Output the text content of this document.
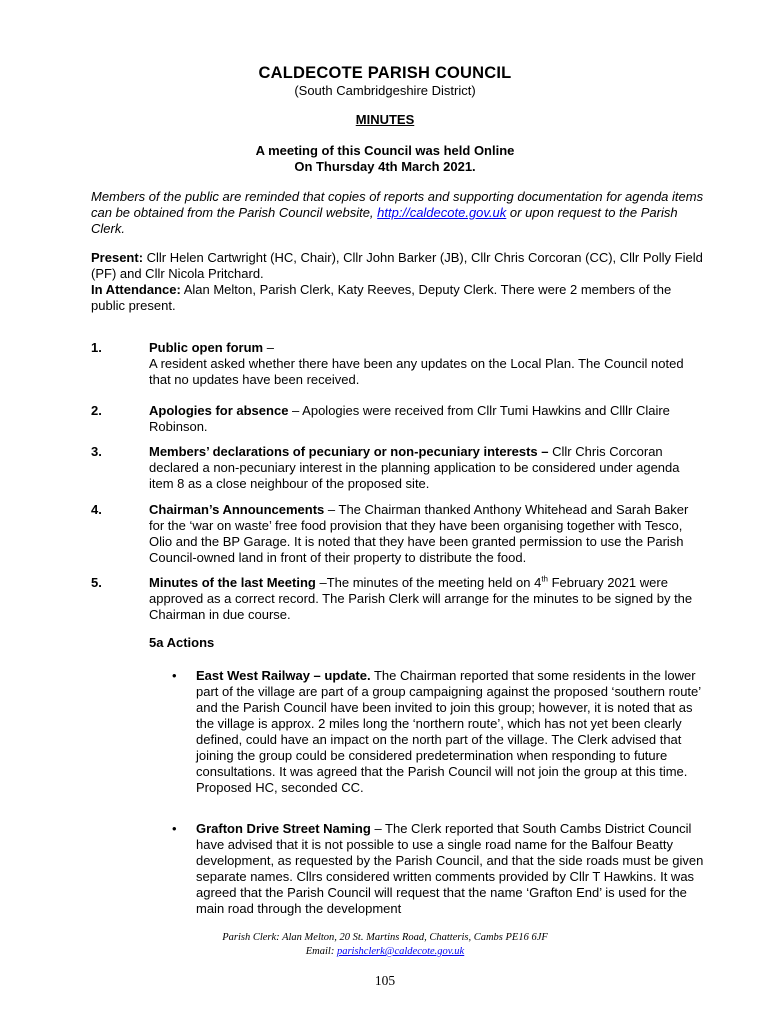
CALDECOTE PARISH COUNCIL
(South Cambridgeshire District)
MINUTES
A meeting of this Council was held Online
On Thursday 4th March 2021.
Members of the public are reminded that copies of reports and supporting documentation for agenda items can be obtained from the Parish Council website, http://caldecote.gov.uk or upon request to the Parish Clerk.
Present: Cllr Helen Cartwright (HC, Chair), Cllr John Barker (JB), Cllr Chris Corcoran (CC), Cllr Polly Field (PF) and Cllr Nicola Pritchard.
In Attendance: Alan Melton, Parish Clerk, Katy Reeves, Deputy Clerk. There were 2 members of the public present.
1.	Public open forum –
A resident asked whether there have been any updates on the Local Plan. The Council noted that no updates have been received.
2.	Apologies for absence – Apologies were received from Cllr Tumi Hawkins and Clllr Claire Robinson.
3.	Members’ declarations of pecuniary or non-pecuniary interests – Cllr Chris Corcoran declared a non-pecuniary interest in the planning application to be considered under agenda item 8 as a close neighbour of the proposed site.
4.	Chairman’s Announcements – The Chairman thanked Anthony Whitehead and Sarah Baker for the ‘war on waste’ free food provision that they have been organising together with Tesco, Olio and the BP Garage. It is noted that they have been granted permission to use the Parish Council-owned land in front of their property to distribute the food.
5.	Minutes of the last Meeting –The minutes of the meeting held on 4th February 2021 were approved as a correct record. The Parish Clerk will arrange for the minutes to be signed by the Chairman in due course.
5a Actions
• East West Railway – update. The Chairman reported that some residents in the lower part of the village are part of a group campaigning against the proposed ‘southern route’ and the Parish Council have been invited to join this group; however, it is noted that as the village is approx. 2 miles long the ‘northern route’, which has not yet been clearly defined, could have an impact on the north part of the village. The Clerk advised that joining the group could be considered predetermination when responding to future consultations. It was agreed that the Parish Council will not join the group at this time. Proposed HC, seconded CC.
• Grafton Drive Street Naming – The Clerk reported that South Cambs District Council have advised that it is not possible to use a single road name for the Balfour Beatty development, as requested by the Parish Council, and that the side roads must be given separate names. Cllrs considered written comments provided by Cllr T Hawkins. It was agreed that the Parish Council will request that the name ‘Grafton End’ is used for the main road through the development
Parish Clerk: Alan Melton, 20 St. Martins Road, Chatteris, Cambs PE16 6JF
Email: parishclerk@caldecote.gov.uk
105
